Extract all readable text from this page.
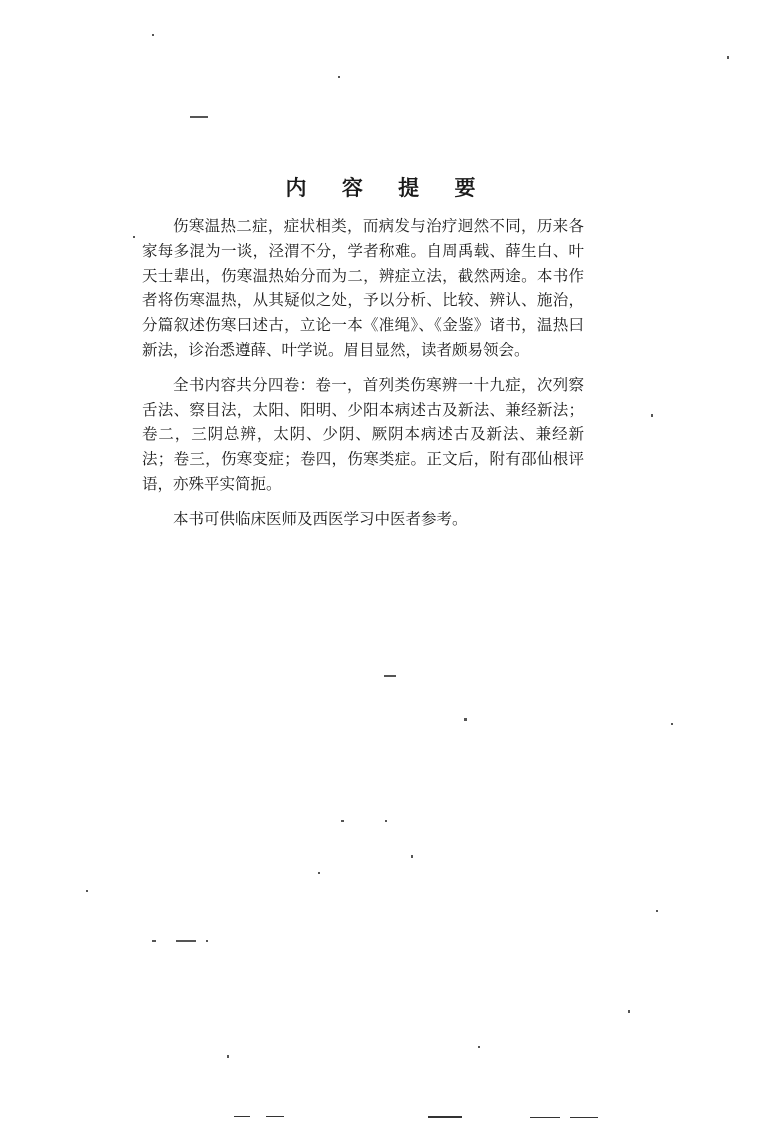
内 容 提 要

伤寒温热二症，症状相类，而病发与治疗迥然不同，历来各家每多混为一谈，泾渭不分，学者称难。自周禹载、薛生白、叶天士辈出，伤寒温热始分而为二，辨症立法，截然两途。本书作者将伤寒温热，从其疑似之处，予以分析、比较、辨认、施治，分篇叙述伤寒曰述古，立论一本《准绳》、《金鉴》诸书，温热曰新法，诊治悉遵薛、叶学说。眉目显然，读者颇易领会。

全书内容共分四卷：卷一，首列类伤寒辨一十九症，次列察舌法、察目法，太阳、阳明、少阳本病述古及新法、兼经新法；卷二，三阴总辨，太阴、少阴、厥阴本病述古及新法、兼经新法；卷三，伤寒变症；卷四，伤寒类症。正文后，附有邵仙根评语，亦殊平实简扼。

本书可供临床医师及西医学习中医者参考。
